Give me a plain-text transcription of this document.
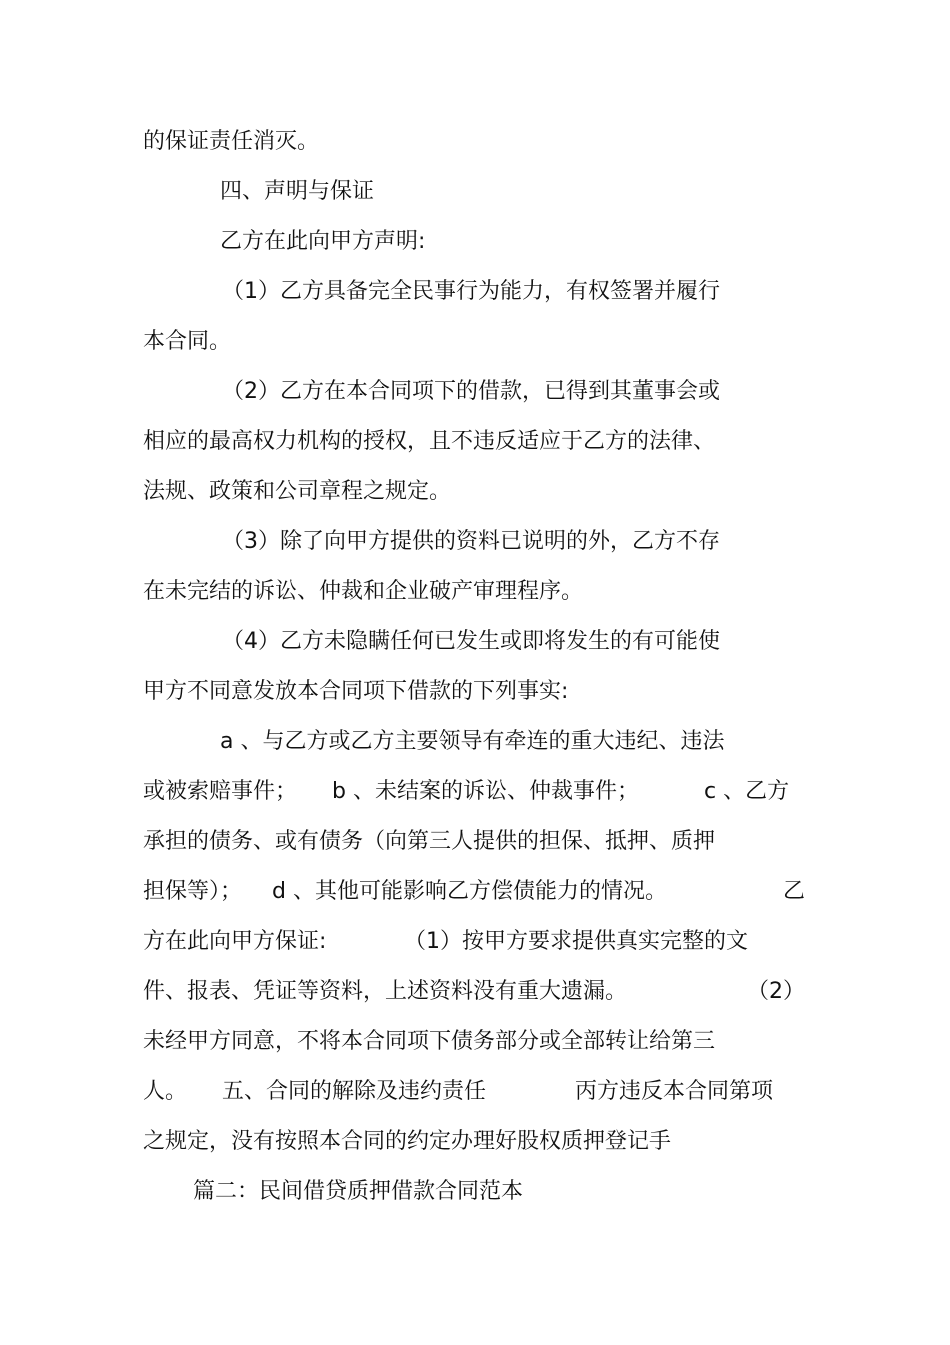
的保证责任消灭。
四、声明与保证
乙方在此向甲方声明:
（1）乙方具备完全民事行为能力，有权签署并履行
本合同。
（2）乙方在本合同项下的借款，已得到其董事会或
相应的最高权力机构的授权，且不违反适应于乙方的法律、
法规、政策和公司章程之规定。
（3）除了向甲方提供的资料已说明的外，乙方不存
在未完结的诉讼、仲裁和企业破产审理程序。
（4）乙方未隐瞒任何已发生或即将发生的有可能使
甲方不同意发放本合同项下借款的下列事实:
a 、与乙方或乙方主要领导有牵连的重大违纪、违法
或被索赔事件； b 、未结案的诉讼、仲裁事件；	c 、乙方
承担的债务、或有债务（向第三人提供的担保、抵押、质押
担保等）； d 、其他可能影响乙方偿债能力的情况。	乙
方在此向甲方保证:	（1）按甲方要求提供真实完整的文
件、报表、凭证等资料，上述资料没有重大遗漏。	（2）
未经甲方同意，不将本合同项下债务部分或全部转让给第三
人。 五、合同的解除及违约责任	丙方违反本合同第项
之规定，没有按照本合同的约定办理好股权质押登记手
篇二：民间借贷质押借款合同范本
